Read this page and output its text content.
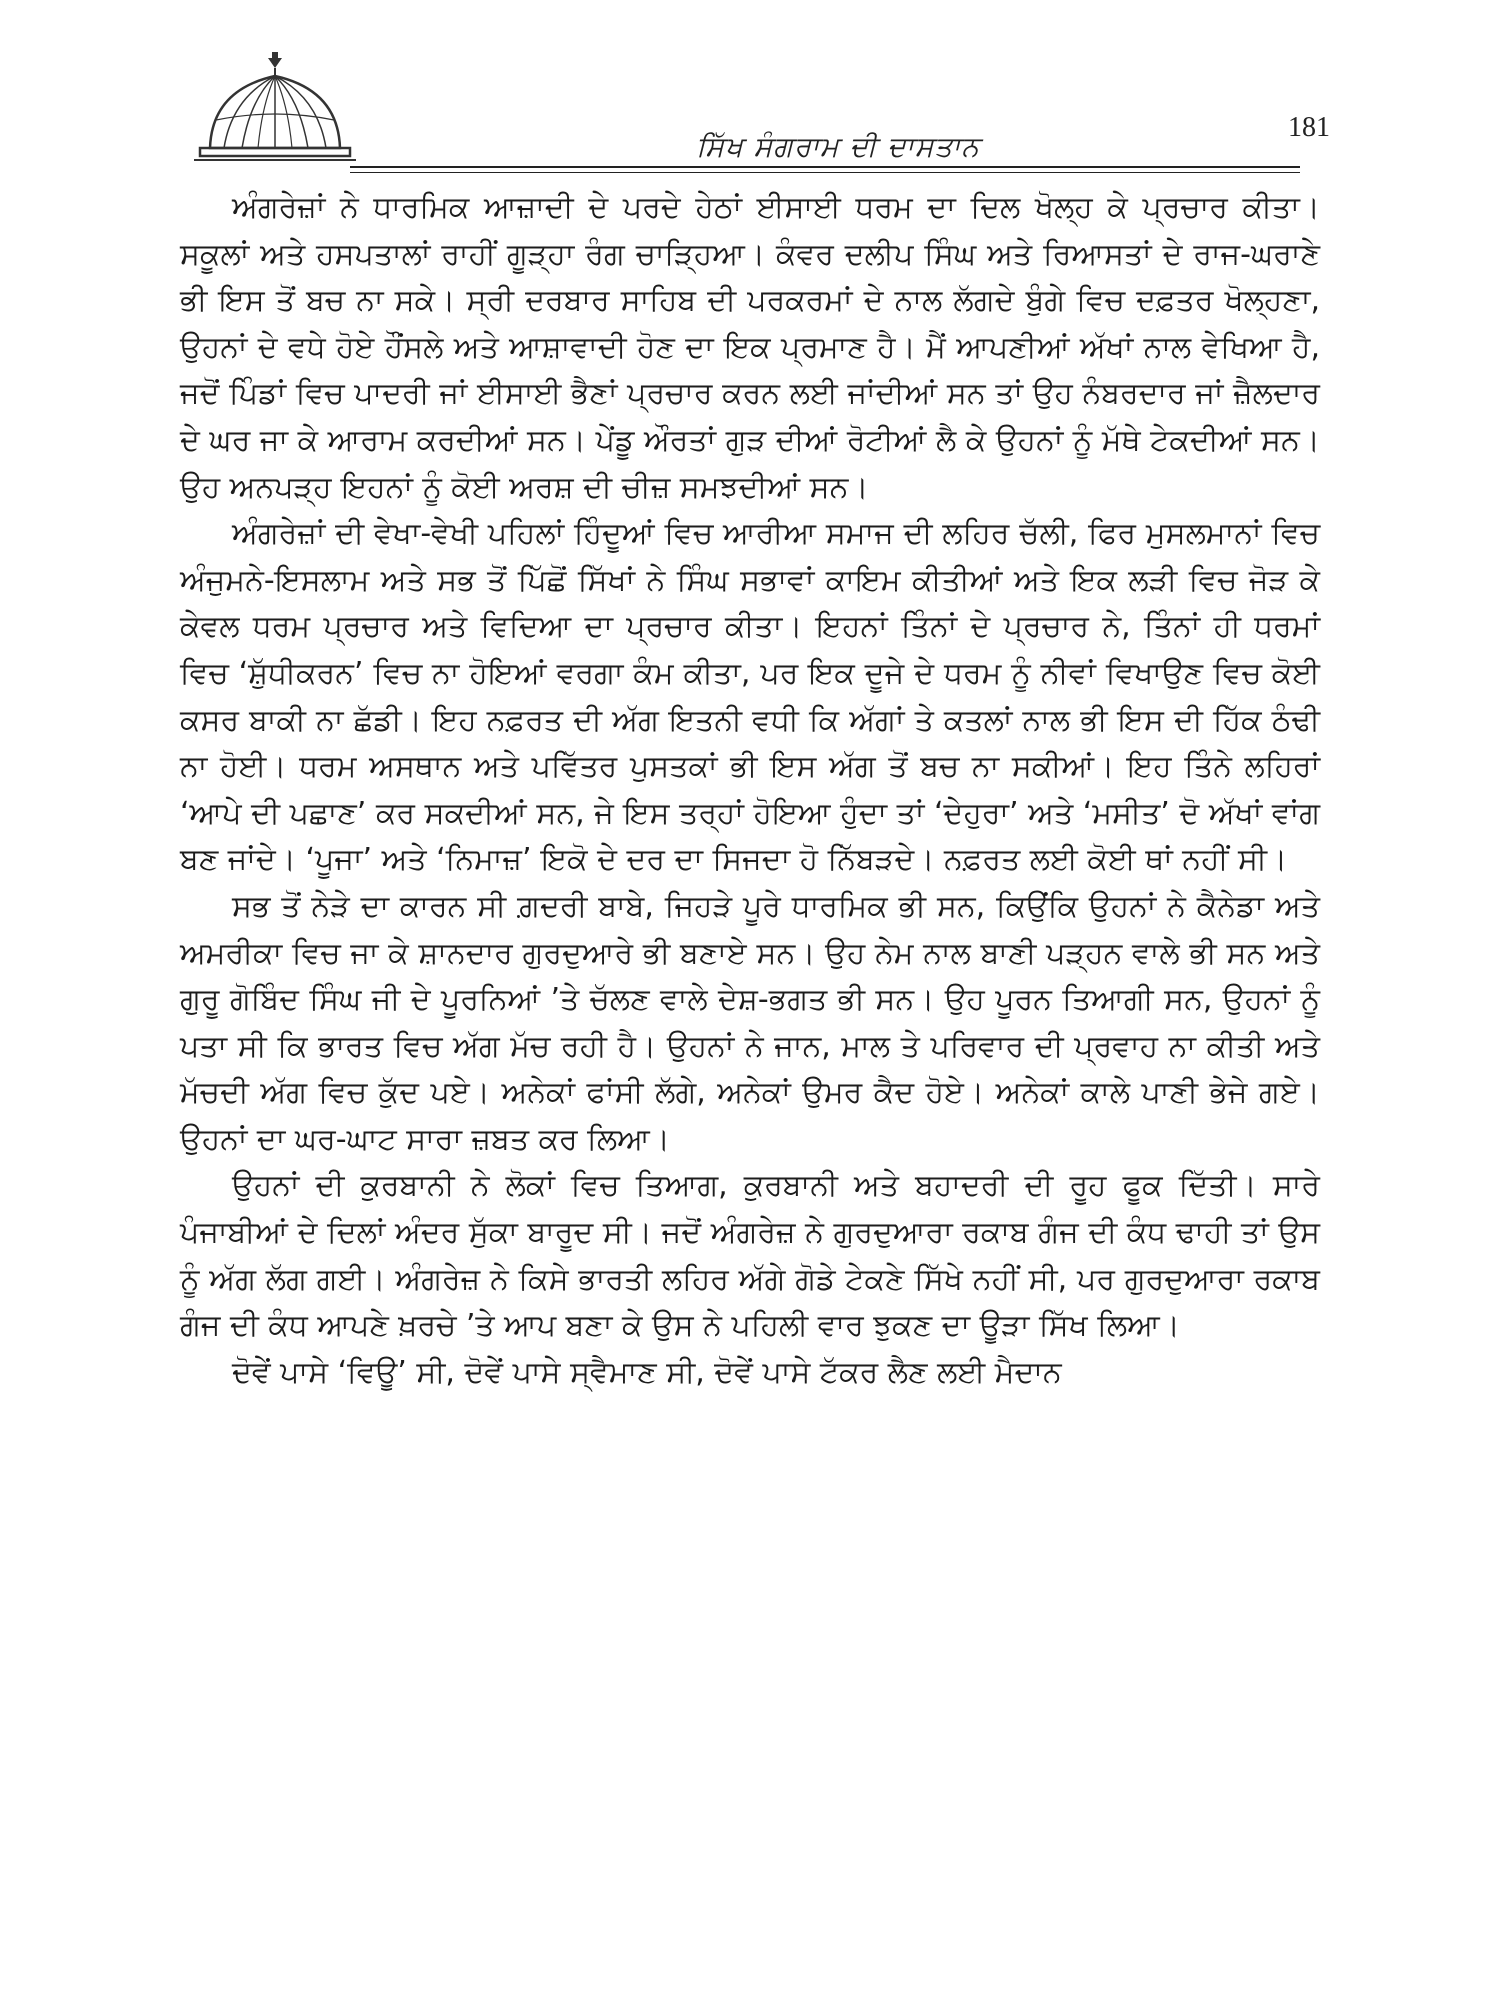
ਸਿੱਖ ਸੰਗਰਾਮ ਦੀ ਦਾਸਤਾਨ
181

ਅੰਗਰੇਜ਼ਾਂ ਨੇ ਧਾਰਮਿਕ ਆਜ਼ਾਦੀ ਦੇ ਪਰਦੇ ਹੇਠਾਂ ਈਸਾਈ ਧਰਮ ਦਾ ਦਿਲ ਖੋਲ੍ਹ ਕੇ ਪ੍ਰਚਾਰ ਕੀਤਾ। ਸਕੂਲਾਂ ਅਤੇ ਹਸਪਤਾਲਾਂ ਰਾਹੀਂ ਗੂੜ੍ਹਾ ਰੰਗ ਚਾੜ੍ਹਿਆ। ਕੰਵਰ ਦਲੀਪ ਸਿੰਘ ਅਤੇ ਰਿਆਸਤਾਂ ਦੇ ਰਾਜ-ਘਰਾਣੇ ਭੀ ਇਸ ਤੋਂ ਬਚ ਨਾ ਸਕੇ। ਸ੍ਰੀ ਦਰਬਾਰ ਸਾਹਿਬ ਦੀ ਪਰਕਰਮਾਂ ਦੇ ਨਾਲ ਲੱਗਦੇ ਬੁੰਗੇ ਵਿਚ ਦਫ਼ਤਰ ਖੋਲ੍ਹਣਾ, ਉਹਨਾਂ ਦੇ ਵਧੇ ਹੋਏ ਹੌਂਸਲੇ ਅਤੇ ਆਸ਼ਾਵਾਦੀ ਹੋਣ ਦਾ ਇਕ ਪ੍ਰਮਾਣ ਹੈ। ਮੈਂ ਆਪਣੀਆਂ ਅੱਖਾਂ ਨਾਲ ਵੇਖਿਆ ਹੈ, ਜਦੋਂ ਪਿੰਡਾਂ ਵਿਚ ਪਾਦਰੀ ਜਾਂ ਈਸਾਈ ਭੈਣਾਂ ਪ੍ਰਚਾਰ ਕਰਨ ਲਈ ਜਾਂਦੀਆਂ ਸਨ ਤਾਂ ਉਹ ਨੰਬਰਦਾਰ ਜਾਂ ਜ਼ੈਲਦਾਰ ਦੇ ਘਰ ਜਾ ਕੇ ਆਰਾਮ ਕਰਦੀਆਂ ਸਨ। ਪੇਂਡੂ ਔਰਤਾਂ ਗੁੜ ਦੀਆਂ ਰੋਟੀਆਂ ਲੈ ਕੇ ਉਹਨਾਂ ਨੂੰ ਮੱਥੇ ਟੇਕਦੀਆਂ ਸਨ। ਉਹ ਅਨਪੜ੍ਹ ਇਹਨਾਂ ਨੂੰ ਕੋਈ ਅਰਸ਼ ਦੀ ਚੀਜ਼ ਸਮਝਦੀਆਂ ਸਨ।

ਅੰਗਰੇਜ਼ਾਂ ਦੀ ਵੇਖਾ-ਵੇਖੀ ਪਹਿਲਾਂ ਹਿੰਦੂਆਂ ਵਿਚ ਆਰੀਆ ਸਮਾਜ ਦੀ ਲਹਿਰ ਚੱਲੀ, ਫਿਰ ਮੁਸਲਮਾਨਾਂ ਵਿਚ ਅੰਜੁਮਨੇ-ਇਸਲਾਮ ਅਤੇ ਸਭ ਤੋਂ ਪਿੱਛੋਂ ਸਿੱਖਾਂ ਨੇ ਸਿੰਘ ਸਭਾਵਾਂ ਕਾਇਮ ਕੀਤੀਆਂ ਅਤੇ ਇਕ ਲੜੀ ਵਿਚ ਜੋੜ ਕੇ ਕੇਵਲ ਧਰਮ ਪ੍ਰਚਾਰ ਅਤੇ ਵਿਦਿਆ ਦਾ ਪ੍ਰਚਾਰ ਕੀਤਾ। ਇਹਨਾਂ ਤਿੰਨਾਂ ਦੇ ਪ੍ਰਚਾਰ ਨੇ, ਤਿੰਨਾਂ ਹੀ ਧਰਮਾਂ ਵਿਚ ‘ਸ਼ੁੱਧੀਕਰਨ’ ਵਿਚ ਨਾ ਹੋਇਆਂ ਵਰਗਾ ਕੰਮ ਕੀਤਾ, ਪਰ ਇਕ ਦੂਜੇ ਦੇ ਧਰਮ ਨੂੰ ਨੀਵਾਂ ਵਿਖਾਉਣ ਵਿਚ ਕੋਈ ਕਸਰ ਬਾਕੀ ਨਾ ਛੱਡੀ। ਇਹ ਨਫ਼ਰਤ ਦੀ ਅੱਗ ਇਤਨੀ ਵਧੀ ਕਿ ਅੱਗਾਂ ਤੇ ਕਤਲਾਂ ਨਾਲ ਭੀ ਇਸ ਦੀ ਹਿੱਕ ਠੰਢੀ ਨਾ ਹੋਈ। ਧਰਮ ਅਸਥਾਨ ਅਤੇ ਪਵਿੱਤਰ ਪੁਸਤਕਾਂ ਭੀ ਇਸ ਅੱਗ ਤੋਂ ਬਚ ਨਾ ਸਕੀਆਂ। ਇਹ ਤਿੰਨੇ ਲਹਿਰਾਂ ‘ਆਪੇ ਦੀ ਪਛਾਣ’ ਕਰ ਸਕਦੀਆਂ ਸਨ, ਜੇ ਇਸ ਤਰ੍ਹਾਂ ਹੋਇਆ ਹੁੰਦਾ ਤਾਂ ‘ਦੇਹੁਰਾ’ ਅਤੇ ‘ਮਸੀਤ’ ਦੋ ਅੱਖਾਂ ਵਾਂਗ ਬਣ ਜਾਂਦੇ। ‘ਪੂਜਾ’ ਅਤੇ ‘ਨਿਮਾਜ਼’ ਇਕੋ ਦੇ ਦਰ ਦਾ ਸਿਜਦਾ ਹੋ ਨਿੱਬੜਦੇ। ਨਫ਼ਰਤ ਲਈ ਕੋਈ ਥਾਂ ਨਹੀਂ ਸੀ।

ਸਭ ਤੋਂ ਨੇੜੇ ਦਾ ਕਾਰਨ ਸੀ ਗ਼ਦਰੀ ਬਾਬੇ, ਜਿਹੜੇ ਪੂਰੇ ਧਾਰਮਿਕ ਭੀ ਸਨ, ਕਿਉਂਕਿ ਉਹਨਾਂ ਨੇ ਕੈਨੇਡਾ ਅਤੇ ਅਮਰੀਕਾ ਵਿਚ ਜਾ ਕੇ ਸ਼ਾਨਦਾਰ ਗੁਰਦੁਆਰੇ ਭੀ ਬਣਾਏ ਸਨ। ਉਹ ਨੇਮ ਨਾਲ ਬਾਣੀ ਪੜ੍ਹਨ ਵਾਲੇ ਭੀ ਸਨ ਅਤੇ ਗੁਰੂ ਗੋਬਿੰਦ ਸਿੰਘ ਜੀ ਦੇ ਪੂਰਨਿਆਂ ’ਤੇ ਚੱਲਣ ਵਾਲੇ ਦੇਸ਼-ਭਗਤ ਭੀ ਸਨ। ਉਹ ਪੂਰਨ ਤਿਆਗੀ ਸਨ, ਉਹਨਾਂ ਨੂੰ ਪਤਾ ਸੀ ਕਿ ਭਾਰਤ ਵਿਚ ਅੱਗ ਮੱਚ ਰਹੀ ਹੈ। ਉਹਨਾਂ ਨੇ ਜਾਨ, ਮਾਲ ਤੇ ਪਰਿਵਾਰ ਦੀ ਪ੍ਰਵਾਹ ਨਾ ਕੀਤੀ ਅਤੇ ਮੱਚਦੀ ਅੱਗ ਵਿਚ ਕੁੱਦ ਪਏ। ਅਨੇਕਾਂ ਫਾਂਸੀ ਲੱਗੇ, ਅਨੇਕਾਂ ਉਮਰ ਕੈਦ ਹੋਏ। ਅਨੇਕਾਂ ਕਾਲੇ ਪਾਣੀ ਭੇਜੇ ਗਏ। ਉਹਨਾਂ ਦਾ ਘਰ-ਘਾਟ ਸਾਰਾ ਜ਼ਬਤ ਕਰ ਲਿਆ।

ਉਹਨਾਂ ਦੀ ਕੁਰਬਾਨੀ ਨੇ ਲੋਕਾਂ ਵਿਚ ਤਿਆਗ, ਕੁਰਬਾਨੀ ਅਤੇ ਬਹਾਦਰੀ ਦੀ ਰੂਹ ਫੂਕ ਦਿੱਤੀ। ਸਾਰੇ ਪੰਜਾਬੀਆਂ ਦੇ ਦਿਲਾਂ ਅੰਦਰ ਸੁੱਕਾ ਬਾਰੂਦ ਸੀ। ਜਦੋਂ ਅੰਗਰੇਜ਼ ਨੇ ਗੁਰਦੁਆਰਾ ਰਕਾਬ ਗੰਜ ਦੀ ਕੰਧ ਢਾਹੀ ਤਾਂ ਉਸ ਨੂੰ ਅੱਗ ਲੱਗ ਗਈ। ਅੰਗਰੇਜ਼ ਨੇ ਕਿਸੇ ਭਾਰਤੀ ਲਹਿਰ ਅੱਗੇ ਗੋਡੇ ਟੇਕਣੇ ਸਿੱਖੇ ਨਹੀਂ ਸੀ, ਪਰ ਗੁਰਦੁਆਰਾ ਰਕਾਬ ਗੰਜ ਦੀ ਕੰਧ ਆਪਣੇ ਖ਼ਰਚੇ ’ਤੇ ਆਪ ਬਣਾ ਕੇ ਉਸ ਨੇ ਪਹਿਲੀ ਵਾਰ ਝੁਕਣ ਦਾ ਊੜਾ ਸਿੱਖ ਲਿਆ।

ਦੋਵੇਂ ਪਾਸੇ ‘ਵਿਊ’ ਸੀ, ਦੋਵੇਂ ਪਾਸੇ ਸ੍ਵੈਮਾਣ ਸੀ, ਦੋਵੇਂ ਪਾਸੇ ਟੱਕਰ ਲੈਣ ਲਈ ਮੈਦਾਨ
